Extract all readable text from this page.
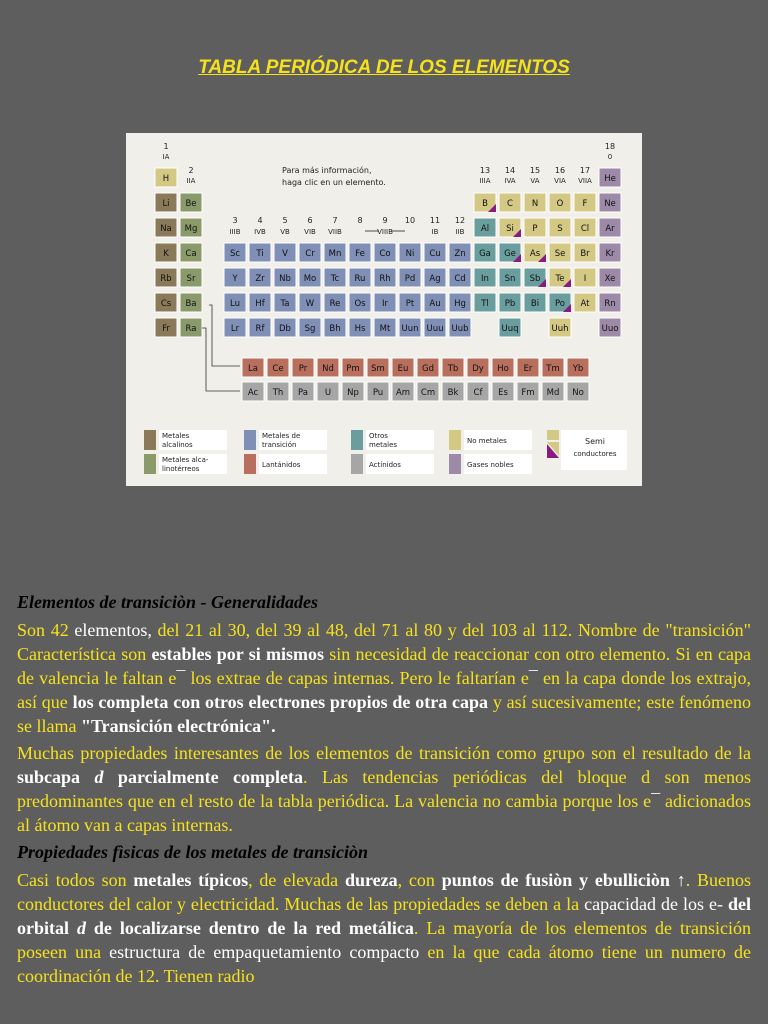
TABLA PERIÓDICA DE LOS ELEMENTOS
1
IA
2
IIA
13
IIIA
14
IVA
15
VA
16
VIA
17
VIIA
18
0
3
IIIB
4
IVB
5
VB
6
VIB
7
VIIB
8 9
VIIIB
10 11
IB
12
IIB
Para más información,
haga clic en un elemento.
H	He
Li Be	B C N O F Ne
Na Mg	Al Si P S Cl Ar
K Ca	Sc Ti V Cr Mn Fe Co Ni Cu Zn Ga Ge As Se Br Kr
Rb Sr	Y Zr Nb Mo Tc Ru Rh Pd Ag Cd In Sn Sb Te I Xe
Cs Ba	Lu Hf Ta W Re Os Ir Pt Au Hg Tl Pb Bi Po At Rn
Fr Ra	Lr Rf Db Sg Bh Hs Mt Uun Uuu Uub	Uuq	Uuh	Uuo
La Ce Pr Nd Pm Sm Eu Gd Tb Dy Ho Er Tm Yb
Ac Th Pa U Np Pu Am Cm Bk Cf Es Fm Md No
Metales
alcalinos
Metales alca-
linotérreos
Metales de
transición
Lantánidos
Otros
metales
Actínidos
No metales
Gases nobles
Semi
conductores
Elementos de transiciòn - Generalidades
Son 42 elementos, del 21 al 30, del 39 al 48, del 71 al 80 y del 103 al 112. Nombre de "transición" Característica son estables por si mismos sin necesidad de reaccionar con otro elemento. Si en capa de valencia le faltan e¯ los extrae de capas internas. Pero le faltarían e¯ en la capa donde los extrajo, así que los completa con otros electrones propios de otra capa y así sucesivamente; este fenómeno se llama "Transición electrónica".
Muchas propiedades interesantes de los elementos de transición como grupo son el resultado de la subcapa d parcialmente completa. Las tendencias periódicas del bloque d son menos predominantes que en el resto de la tabla periódica. La valencia no cambia porque los e¯ adicionados al átomo van a capas internas.
Propiedades fìsicas de los metales de transiciòn
Casi todos son metales típicos, de elevada dureza, con puntos de fusiòn y ebulliciòn ↑. Buenos conductores del calor y electricidad. Muchas de las propiedades se deben a la capacidad de los e- del orbital d de localizarse dentro de la red metálica. La mayoría de los elementos de transición poseen una estructura de empaquetamiento compacto en la que cada átomo tiene un numero de coordinación de 12. Tienen radio
